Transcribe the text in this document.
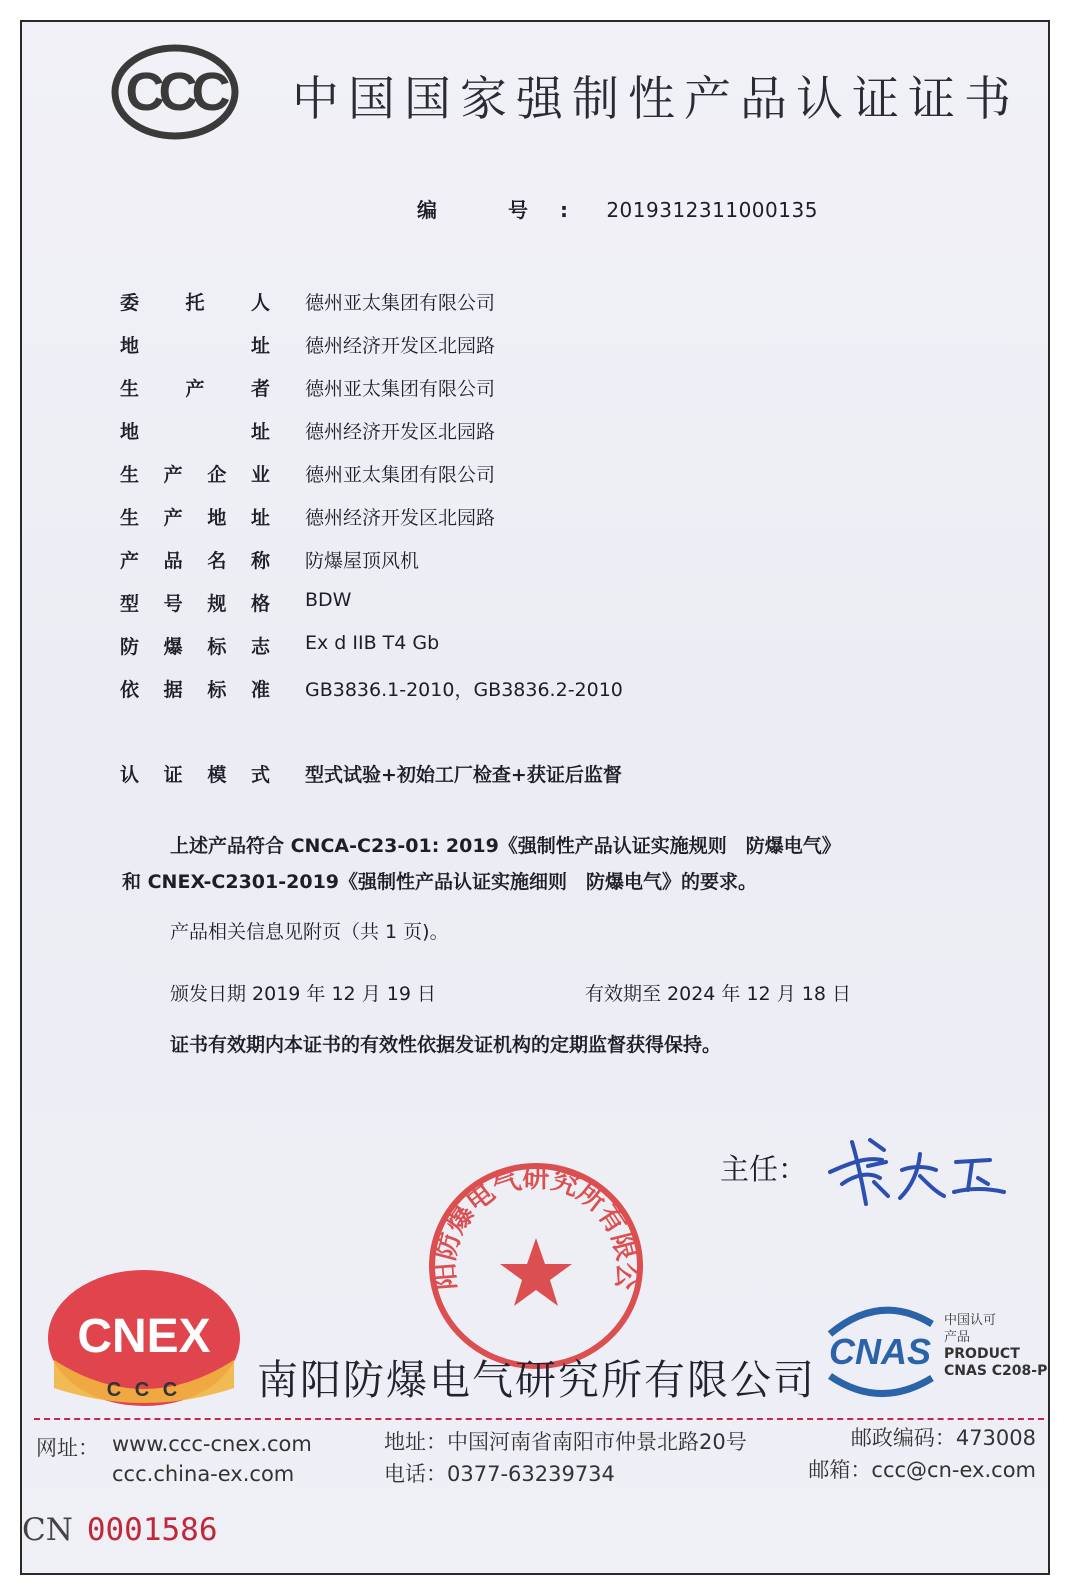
CCC 中国国家强制性产品认证证书
编 号: 2019312311000135
委 托 人 德州亚太集团有限公司
地	址 德州经济开发区北园路
生 产 者 德州亚太集团有限公司
地	址 德州经济开发区北园路
生 产 企 业 德州亚太集团有限公司
生 产 地 址 德州经济开发区北园路
产 品 名 称 防爆屋顶风机
型 号 规 格 BDW
防 爆 标 志 Ex d IIB T4 Gb
依 据 标 准 GB3836.1-2010，GB3836.2-2010
认 证 模 式 型式试验+初始工厂检查+获证后监督

上述产品符合 CNCA-C23-01: 2019《强制性产品认证实施规则　防爆电气》

和 CNEX-C2301-2019《强制性产品认证实施细则　防爆电气》的要求。

产品相关信息见附页（共 1 页)。
颁发日期 2019 年 12 月 19 日	有效期至 2024 年 12 月 18 日
证书有效期内本证书的有效性依据发证机构的定期监督获得保持。
主任：
阳防爆电气研究所有限公
CNEX
C C C 南阳防爆电气研究所有限公司
CNAS
中国认可
产品
PRODUCT
CNAS C208-P
网址： www.ccc-cnex.com
ccc.china-ex.com
地址：中国河南省南阳市仲景北路20号
电话：0377-63239734
邮政编码：473008
邮箱：ccc@cn-ex.com
CN 0001586
